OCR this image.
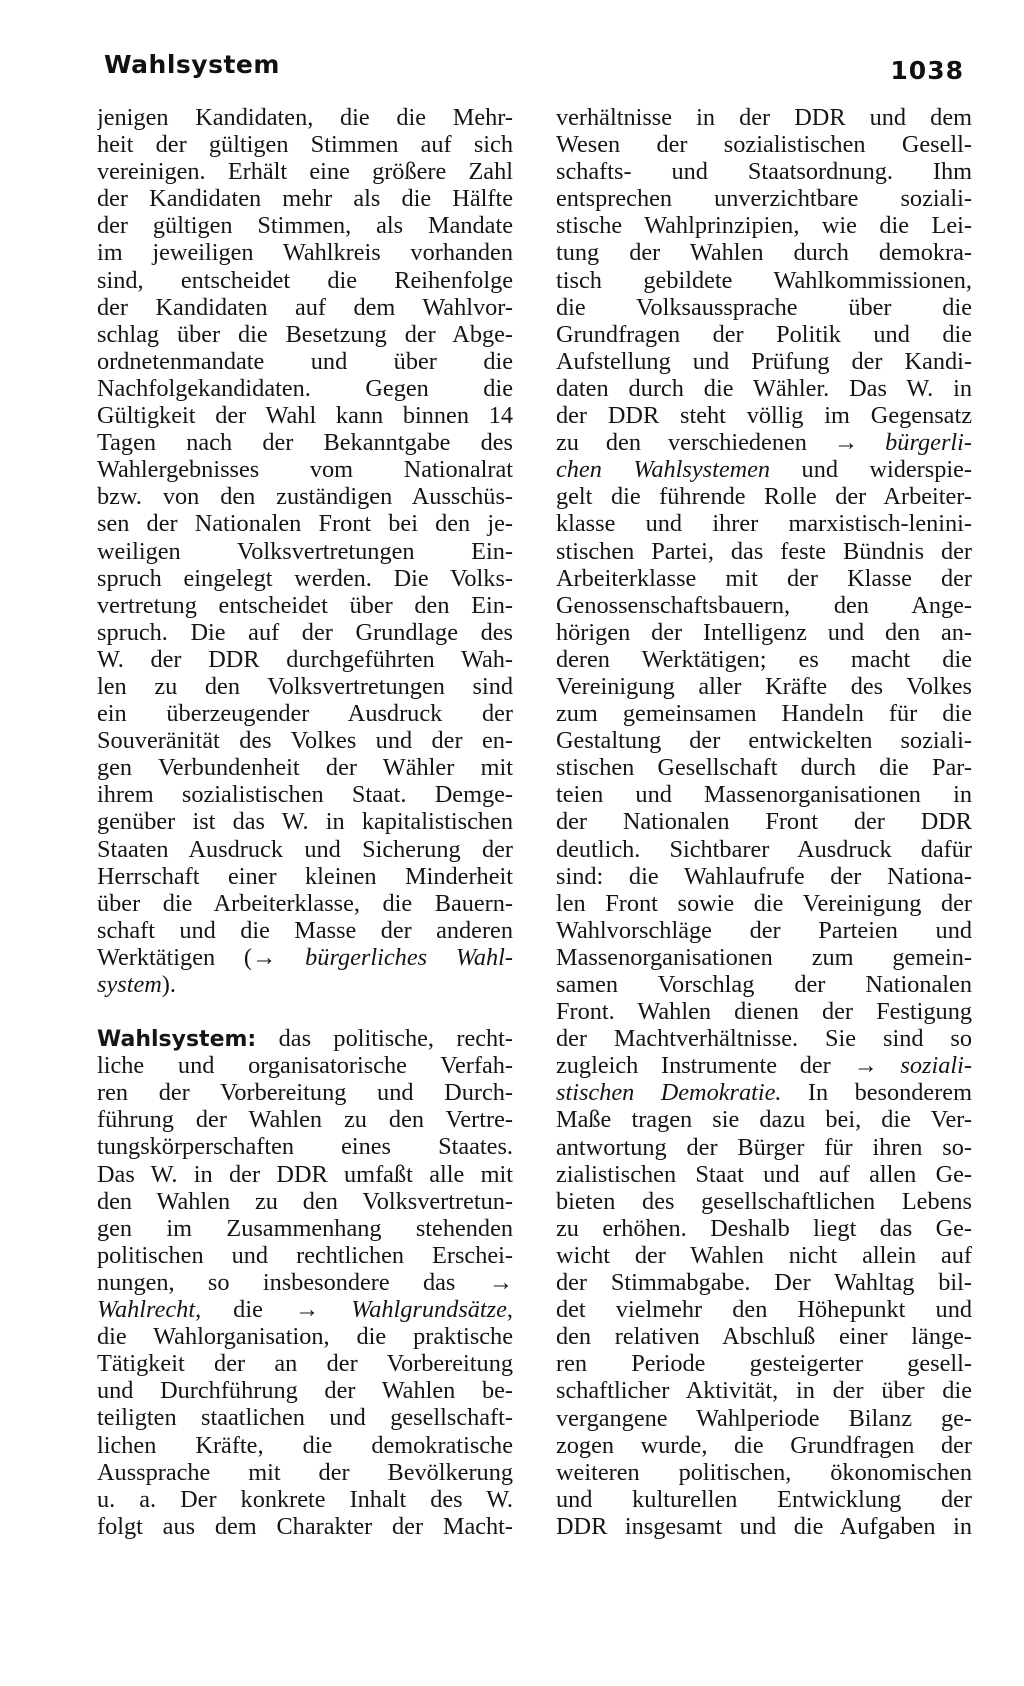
Wahlsystem	1038
jenigen Kandidaten, die die Mehr-
heit der gültigen Stimmen auf sich
vereinigen. Erhält eine größere Zahl
der Kandidaten mehr als die Hälfte
der gültigen Stimmen, als Mandate
im jeweiligen Wahlkreis vorhanden
sind, entscheidet die Reihenfolge
der Kandidaten auf dem Wahlvor-
schlag über die Besetzung der Abge-
ordnetenmandate und über die
Nachfolgekandidaten. Gegen die
Gültigkeit der Wahl kann binnen 14
Tagen nach der Bekanntgabe des
Wahlergebnisses vom Nationalrat
bzw. von den zuständigen Ausschüs-
sen der Nationalen Front bei den je-
weiligen Volksvertretungen Ein-
spruch eingelegt werden. Die Volks-
vertretung entscheidet über den Ein-
spruch. Die auf der Grundlage des
W. der DDR durchgeführten Wah-
len zu den Volksvertretungen sind
ein überzeugender Ausdruck der
Souveränität des Volkes und der en-
gen Verbundenheit der Wähler mit
ihrem sozialistischen Staat. Demge-
genüber ist das W. in kapitalistischen
Staaten Ausdruck und Sicherung der
Herrschaft einer kleinen Minderheit
über die Arbeiterklasse, die Bauern-
schaft und die Masse der anderen
Werktätigen (→ bürgerliches Wahl-
system).
Wahlsystem: das politische, recht-
liche und organisatorische Verfah-
ren der Vorbereitung und Durch-
führung der Wahlen zu den Vertre-
tungskörperschaften eines Staates.
Das W. in der DDR umfaßt alle mit
den Wahlen zu den Volksvertretun-
gen im Zusammenhang stehenden
politischen und rechtlichen Erschei-
nungen, so insbesondere das →
Wahlrecht, die → Wahlgrundsätze,
die Wahlorganisation, die praktische
Tätigkeit der an der Vorbereitung
und Durchführung der Wahlen be-
teiligten staatlichen und gesellschaft-
lichen Kräfte, die demokratische
Aussprache mit der Bevölkerung
u. a. Der konkrete Inhalt des W.
folgt aus dem Charakter der Macht-
verhältnisse in der DDR und dem
Wesen der sozialistischen Gesell-
schafts- und Staatsordnung. Ihm
entsprechen unverzichtbare soziali-
stische Wahlprinzipien, wie die Lei-
tung der Wahlen durch demokra-
tisch gebildete Wahlkommissionen,
die Volksaussprache über die
Grundfragen der Politik und die
Aufstellung und Prüfung der Kandi-
daten durch die Wähler. Das W. in
der DDR steht völlig im Gegensatz
zu den verschiedenen → bürgerli-
chen Wahlsystemen und widerspie-
gelt die führende Rolle der Arbeiter-
klasse und ihrer marxistisch-lenini-
stischen Partei, das feste Bündnis der
Arbeiterklasse mit der Klasse der
Genossenschaftsbauern, den Ange-
hörigen der Intelligenz und den an-
deren Werktätigen; es macht die
Vereinigung aller Kräfte des Volkes
zum gemeinsamen Handeln für die
Gestaltung der entwickelten soziali-
stischen Gesellschaft durch die Par-
teien und Massenorganisationen in
der Nationalen Front der DDR
deutlich. Sichtbarer Ausdruck dafür
sind: die Wahlaufrufe der Nationa-
len Front sowie die Vereinigung der
Wahlvorschläge der Parteien und
Massenorganisationen zum gemein-
samen Vorschlag der Nationalen
Front. Wahlen dienen der Festigung
der Machtverhältnisse. Sie sind so
zugleich Instrumente der → soziali-
stischen Demokratie. In besonderem
Maße tragen sie dazu bei, die Ver-
antwortung der Bürger für ihren so-
zialistischen Staat und auf allen Ge-
bieten des gesellschaftlichen Lebens
zu erhöhen. Deshalb liegt das Ge-
wicht der Wahlen nicht allein auf
der Stimmabgabe. Der Wahltag bil-
det vielmehr den Höhepunkt und
den relativen Abschluß einer länge-
ren Periode gesteigerter gesell-
schaftlicher Aktivität, in der über die
vergangene Wahlperiode Bilanz ge-
zogen wurde, die Grundfragen der
weiteren politischen, ökonomischen
und kulturellen Entwicklung der
DDR insgesamt und die Aufgaben in
